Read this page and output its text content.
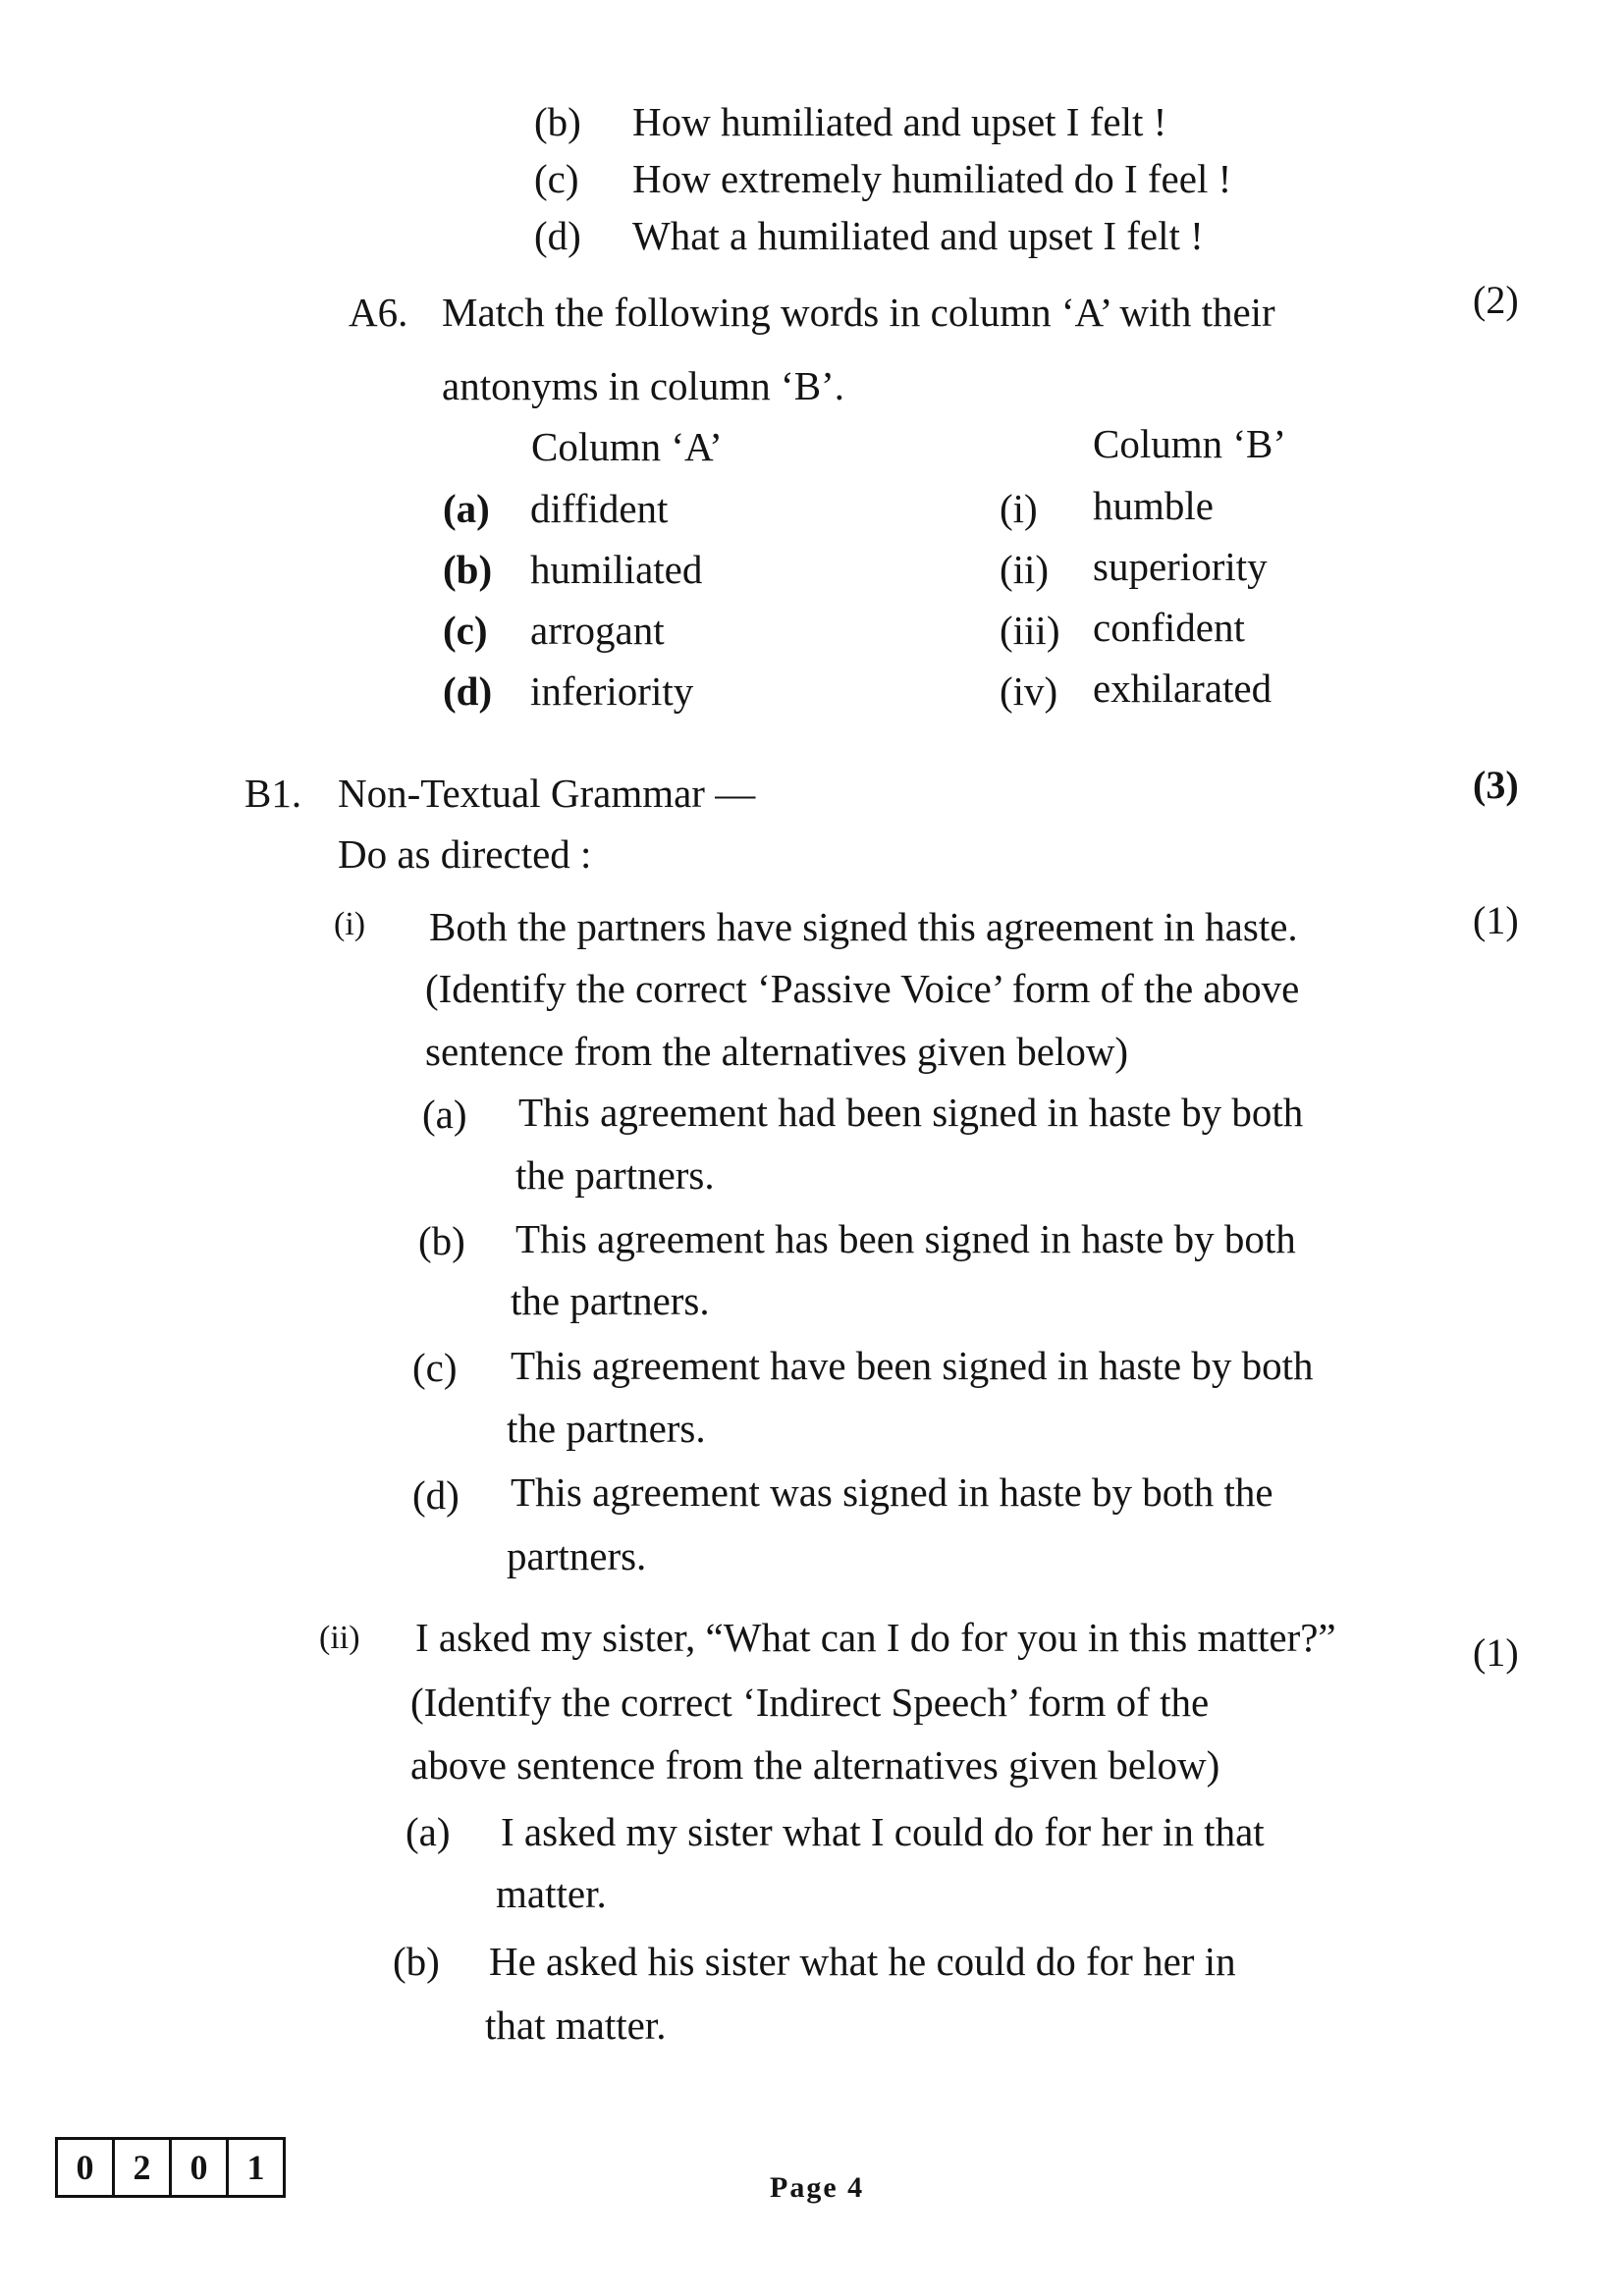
(b) How humiliated and upset I felt !
(c) How extremely humiliated do I feel !
(d) What a humiliated and upset I felt !
A6. Match the following words in column ‘A’ with their	(2)
antonyms in column ‘B’.
Column ‘A’	Column ‘B’
(a) diffident	(i) humble
(b) humiliated	(ii) superiority
(c) arrogant	(iii) confident
(d) inferiority	(iv) exhilarated
B1. Non-Textual Grammar —	(3)
Do as directed :
(i) Both the partners have signed this agreement in haste.	(1)
(Identify the correct ‘Passive Voice’ form of the above
sentence from the alternatives given below)
(a) This agreement had been signed in haste by both
the partners.
(b) This agreement has been signed in haste by both
the partners.
(c) This agreement have been signed in haste by both
the partners.
(d) This agreement was signed in haste by both the
partners.
(ii) I asked my sister, “What can I do for you in this matter?”	(1)
(Identify the correct ‘Indirect Speech’ form of the
above sentence from the alternatives given below)
(a) I asked my sister what I could do for her in that
matter.
(b) He asked his sister what he could do for her in
that matter.
0	2	0	1
Page 4
